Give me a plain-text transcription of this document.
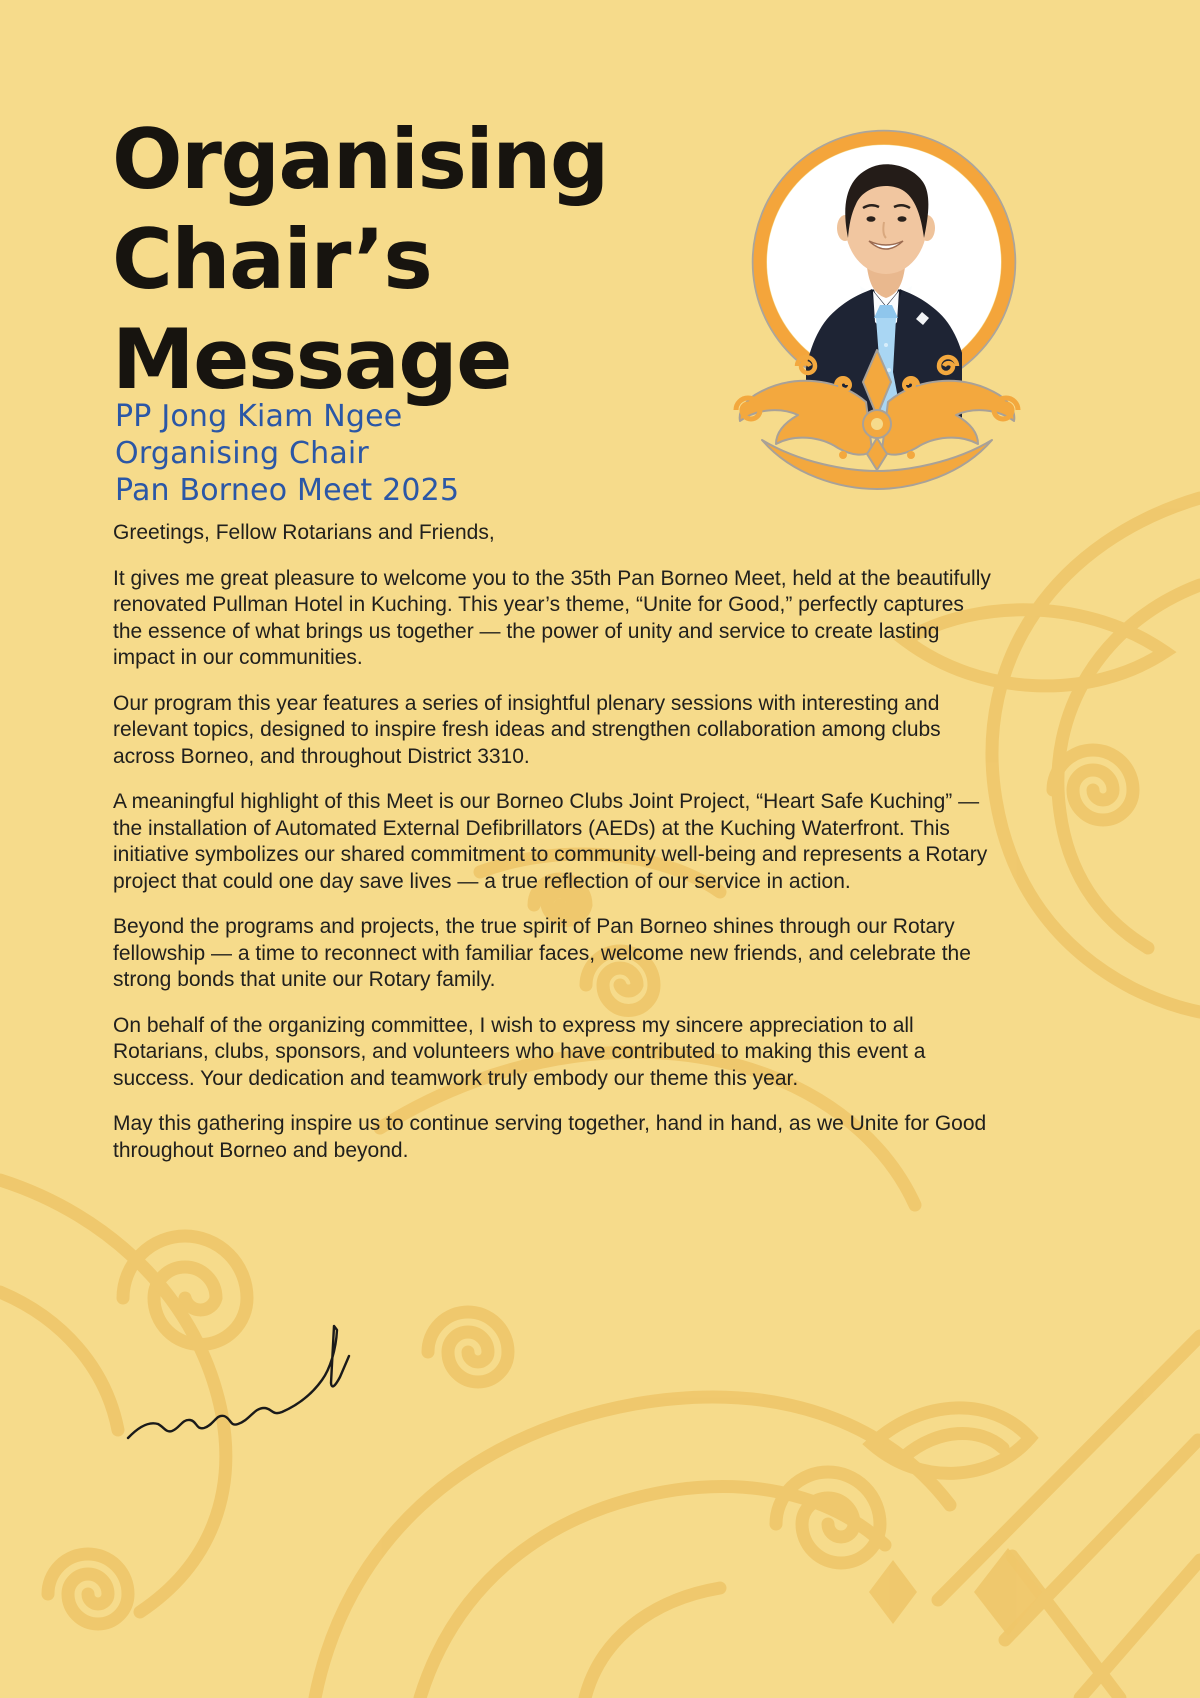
Organising
Chair’s
Message
PP Jong Kiam Ngee
Organising Chair
Pan Borneo Meet 2025

Greetings, Fellow Rotarians and Friends,

It gives me great pleasure to welcome you to the 35th Pan Borneo Meet, held at the beautifully renovated Pullman Hotel in Kuching. This year’s theme, “Unite for Good,” perfectly captures the essence of what brings us together — the power of unity and service to create lasting impact in our communities.

Our program this year features a series of insightful plenary sessions with interesting and relevant topics, designed to inspire fresh ideas and strengthen collaboration among clubs across Borneo, and throughout District 3310.

A meaningful highlight of this Meet is our Borneo Clubs Joint Project, “Heart Safe Kuching” — the installation of Automated External Defibrillators (AEDs) at the Kuching Waterfront. This initiative symbolizes our shared commitment to community well-being and represents a Rotary project that could one day save lives — a true reflection of our service in action.

Beyond the programs and projects, the true spirit of Pan Borneo shines through our Rotary fellowship — a time to reconnect with familiar faces, welcome new friends, and celebrate the strong bonds that unite our Rotary family.

On behalf of the organizing committee, I wish to express my sincere appreciation to all Rotarians, clubs, sponsors, and volunteers who have contributed to making this event a success. Your dedication and teamwork truly embody our theme this year.

May this gathering inspire us to continue serving together, hand in hand, as we Unite for Good throughout Borneo and beyond.
